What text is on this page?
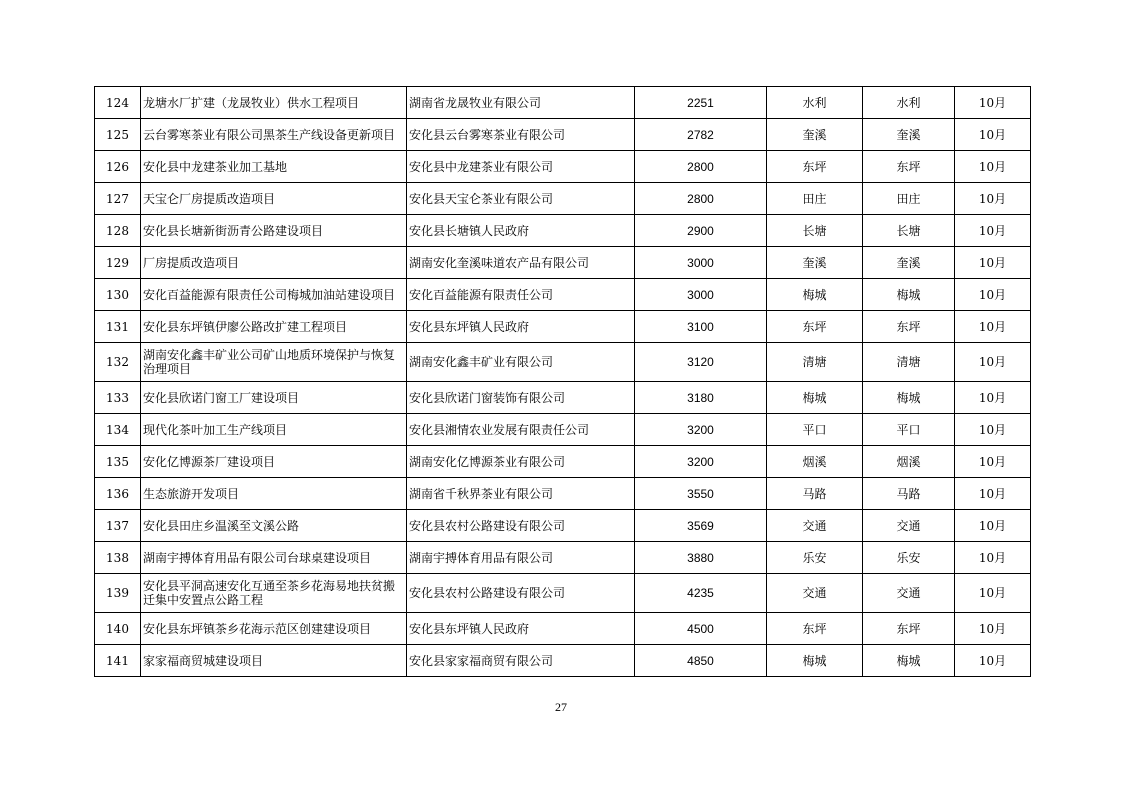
124	龙塘水厂扩建（龙晟牧业）供水工程项目	湖南省龙晟牧业有限公司	2251	水利	水利	10月
125	云台雾寒茶业有限公司黑茶生产线设备更新项目	安化县云台雾寒茶业有限公司	2782	奎溪	奎溪	10月
126	安化县中龙建茶业加工基地	安化县中龙建茶业有限公司	2800	东坪	东坪	10月
127	天宝仑厂房提质改造项目	安化县天宝仑茶业有限公司	2800	田庄	田庄	10月
128	安化县长塘新街沥青公路建设项目	安化县长塘镇人民政府	2900	长塘	长塘	10月
129	厂房提质改造项目	湖南安化奎溪味道农产品有限公司	3000	奎溪	奎溪	10月
130	安化百益能源有限责任公司梅城加油站建设项目	安化百益能源有限责任公司	3000	梅城	梅城	10月
131	安化县东坪镇伊廖公路改扩建工程项目	安化县东坪镇人民政府	3100	东坪	东坪	10月
132	湖南安化鑫丰矿业公司矿山地质环境保护与恢复治理项目	湖南安化鑫丰矿业有限公司	3120	清塘	清塘	10月
133	安化县欣诺门窗工厂建设项目	安化县欣诺门窗装饰有限公司	3180	梅城	梅城	10月
134	现代化茶叶加工生产线项目	安化县湘情农业发展有限责任公司	3200	平口	平口	10月
135	安化亿博源茶厂建设项目	湖南安化亿博源茶业有限公司	3200	烟溪	烟溪	10月
136	生态旅游开发项目	湖南省千秋界茶业有限公司	3550	马路	马路	10月
137	安化县田庄乡温溪至文溪公路	安化县农村公路建设有限公司	3569	交通	交通	10月
138	湖南宇搏体育用品有限公司台球桌建设项目	湖南宇搏体育用品有限公司	3880	乐安	乐安	10月
139	安化县平洞高速安化互通至茶乡花海易地扶贫搬迁集中安置点公路工程	安化县农村公路建设有限公司	4235	交通	交通	10月
140	安化县东坪镇茶乡花海示范区创建建设项目	安化县东坪镇人民政府	4500	东坪	东坪	10月
141	家家福商贸城建设项目	安化县家家福商贸有限公司	4850	梅城	梅城	10月
27
